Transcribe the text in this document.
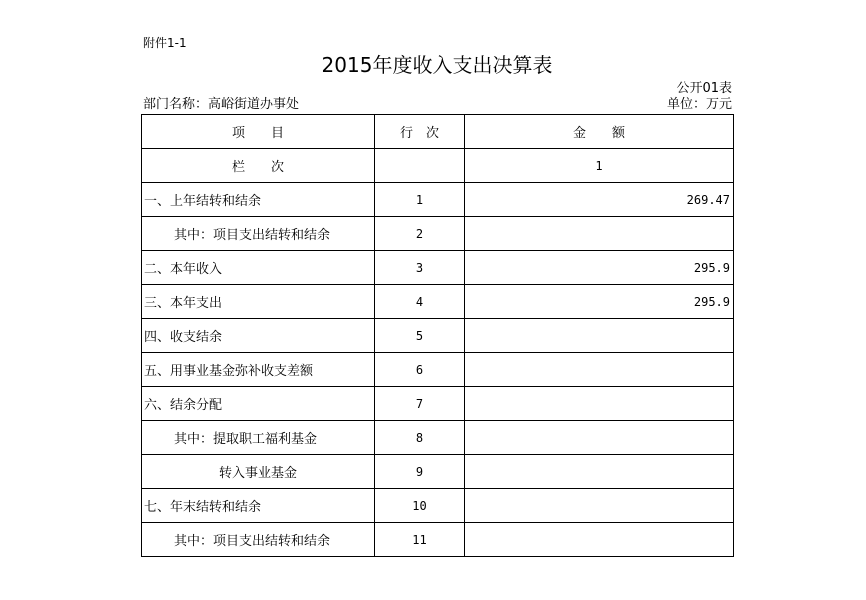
附件1-1
2015年度收入支出决算表
公开01表
部门名称：高峪街道办事处	单位：万元
项　　目	行　次	金　　额
栏　　次		1
一、上年结转和结余	1	269.47
其中：项目支出结转和结余	2	
二、本年收入	3	295.9
三、本年支出	4	295.9
四、收支结余	5	
五、用事业基金弥补收支差额	6	
六、结余分配	7	
其中：提取职工福利基金	8	
转入事业基金	9	
七、年末结转和结余	10	
其中：项目支出结转和结余	11	
